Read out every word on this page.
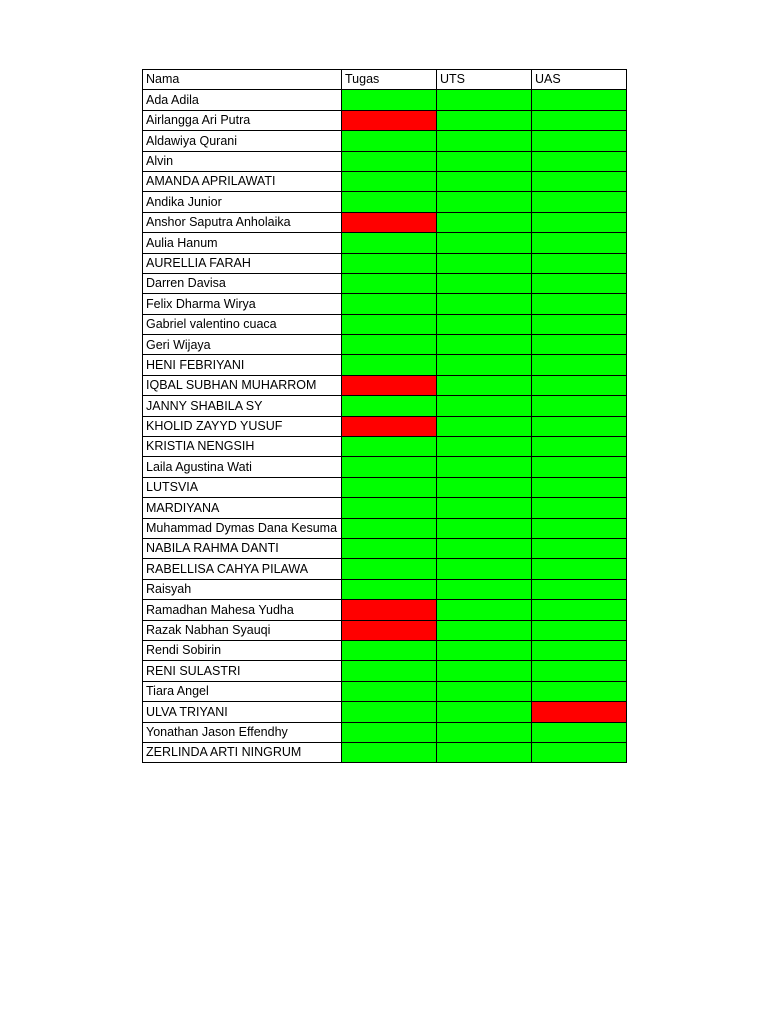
Nama	Tugas	UTS	UAS
Ada Adila			
Airlangga Ari Putra			
Aldawiya Qurani			
Alvin			
AMANDA APRILAWATI			
Andika Junior			
Anshor Saputra Anholaika			
Aulia Hanum			
AURELLIA FARAH			
Darren Davisa			
Felix Dharma Wirya			
Gabriel valentino cuaca			
Geri Wijaya			
HENI FEBRIYANI			
IQBAL SUBHAN MUHARROM			
JANNY SHABILA SY			
KHOLID ZAYYD YUSUF			
KRISTIA NENGSIH			
Laila Agustina Wati			
LUTSVIA			
MARDIYANA			
Muhammad Dymas Dana Kesuma			
NABILA RAHMA DANTI			
RABELLISA CAHYA PILAWA			
Raisyah			
Ramadhan Mahesa Yudha			
Razak Nabhan Syauqi			
Rendi Sobirin			
RENI SULASTRI			
Tiara Angel			
ULVA TRIYANI			
Yonathan Jason Effendhy			
ZERLINDA ARTI NINGRUM			
